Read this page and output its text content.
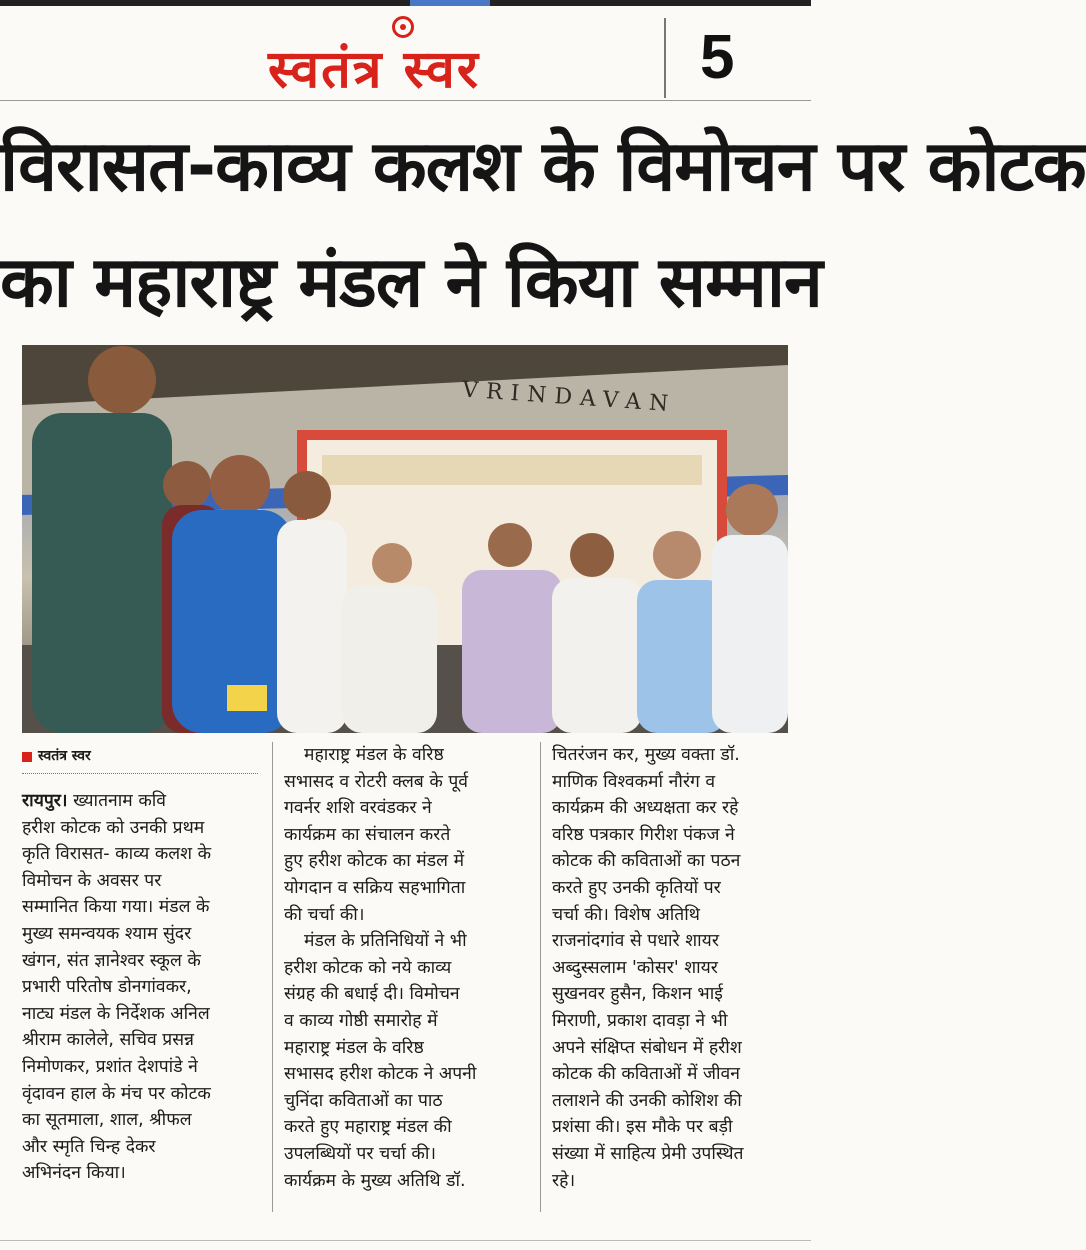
स्वतंत्र स्वर	5
विरासत-काव्य कलश के विमोचन पर कोटक
का महाराष्ट्र मंडल ने किया सम्मान
VRINDAVAN
स्वतंत्र स्वर

रायपुर। ख्यातनाम कवि
हरीश कोटक को उनकी प्रथम
कृति विरासत- काव्य कलश के
विमोचन के अवसर पर
सम्मानित किया गया। मंडल के
मुख्य समन्वयक श्याम सुंदर
खंगन, संत ज्ञानेश्वर स्कूल के
प्रभारी परितोष डोनगांवकर,
नाट्य मंडल के निर्देशक अनिल
श्रीराम कालेले, सचिव प्रसन्न
निमोणकर, प्रशांत देशपांडे ने
वृंदावन हाल के मंच पर कोटक
का सूतमाला, शाल, श्रीफल
और स्मृति चिन्ह देकर
अभिनंदन किया।

महाराष्ट्र मंडल के वरिष्ठ
सभासद व रोटरी क्लब के पूर्व
गवर्नर शशि वरवंडकर ने
कार्यक्रम का संचालन करते
हुए हरीश कोटक का मंडल में
योगदान व सक्रिय सहभागिता
की चर्चा की।
मंडल के प्रतिनिधियों ने भी
हरीश कोटक को नये काव्य
संग्रह की बधाई दी। विमोचन
व काव्य गोष्ठी समारोह में
महाराष्ट्र मंडल के वरिष्ठ
सभासद हरीश कोटक ने अपनी
चुनिंदा कविताओं का पाठ
करते हुए महाराष्ट्र मंडल की
उपलब्धियों पर चर्चा की।
कार्यक्रम के मुख्य अतिथि डॉ.

चितरंजन कर, मुख्य वक्ता डॉ.
माणिक विश्वकर्मा नौरंग व
कार्यक्रम की अध्यक्षता कर रहे
वरिष्ठ पत्रकार गिरीश पंकज ने
कोटक की कविताओं का पठन
करते हुए उनकी कृतियों पर
चर्चा की। विशेष अतिथि
राजनांदगांव से पधारे शायर
अब्दुस्सलाम 'कोसर' शायर
सुखनवर हुसैन, किशन भाई
मिराणी, प्रकाश दावड़ा ने भी
अपने संक्षिप्त संबोधन में हरीश
कोटक की कविताओं में जीवन
तलाशने की उनकी कोशिश की
प्रशंसा की। इस मौके पर बड़ी
संख्या में साहित्य प्रेमी उपस्थित
रहे।
